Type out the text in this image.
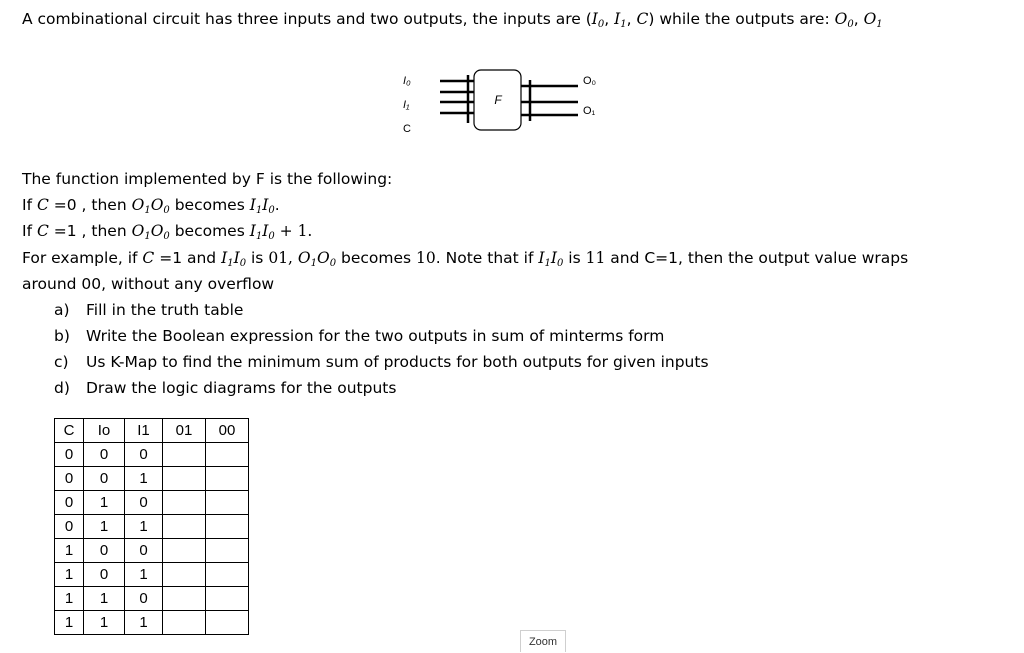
A combinational circuit has three inputs and two outputs, the inputs are ($I_0$, $I_1$, C) while the outputs are: $O_0$, $O_1$
I₀
I₁
C
F
O₀
O₁
The function implemented by F is the following:
If C =0 , then $O_1O_0$ becomes $I_1I_0$.
If C =1 , then $O_1O_0$ becomes $I_1I_0 + 1$.
For example, if C =1 and $I_1I_0$ is 01, $O_1O_0$ becomes 10. Note that if $I_1I_0$ is 11 and C=1, then the output value wraps
around 00, without any overflow
a) Fill in the truth table
b) Write the Boolean expression for the two outputs in sum of minterms form
c) Us K-Map to find the minimum sum of products for both outputs for given inputs
d) Draw the logic diagrams for the outputs
C	Io	I1	01	00
0	0	0		
0	0	1		
0	1	0		
0	1	1		
1	0	0		
1	0	1		
1	1	0		
1	1	1		
Zoom
